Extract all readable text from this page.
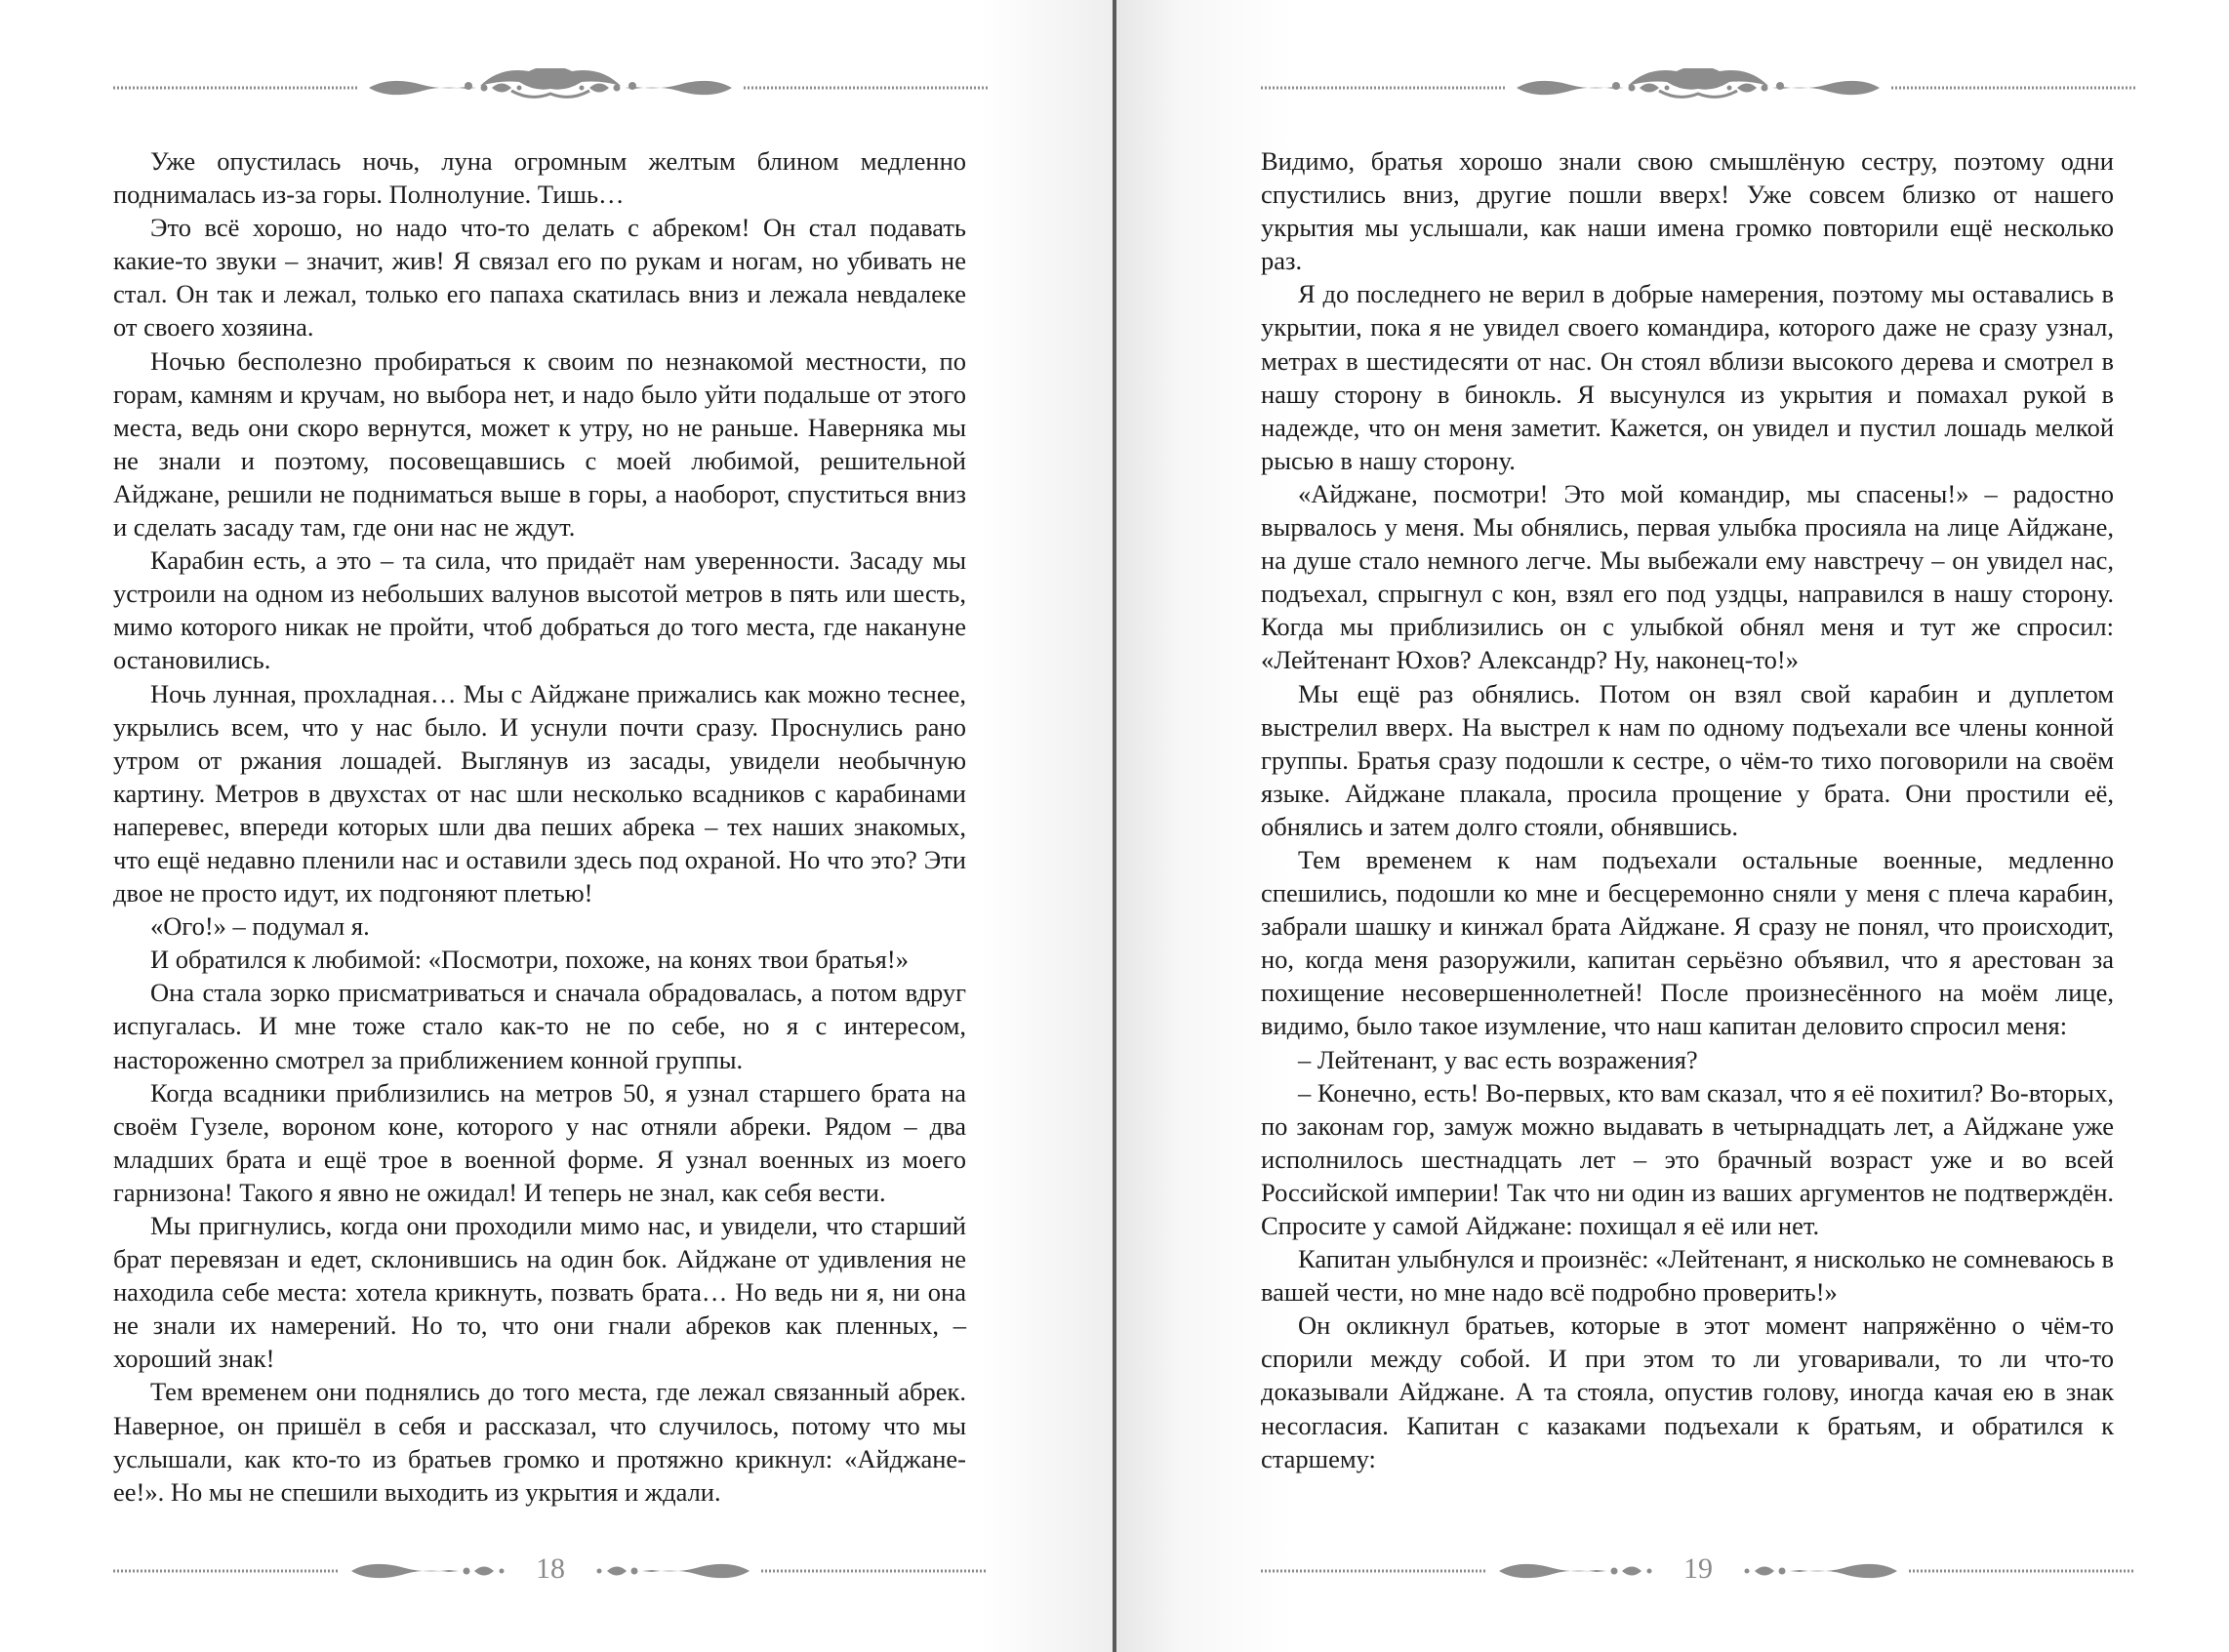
Уже опустилась ночь, луна огромным желтым блином медленно поднималась из-за горы. Полнолуние. Тишь…

Это всё хорошо, но надо что-то делать с абреком! Он стал подавать какие-то звуки – значит, жив! Я связал его по рукам и ногам, но убивать не стал. Он так и лежал, только его папаха скатилась вниз и лежала невдалеке от своего хозяина.

Ночью бесполезно пробираться к своим по незнакомой местности, по горам, камням и кручам, но выбора нет, и надо было уйти подальше от этого места, ведь они скоро вернутся, может к утру, но не раньше. Наверняка мы не знали и поэтому, посовещавшись с моей любимой, решительной Айджане, решили не подниматься выше в горы, а наоборот, спуститься вниз и сделать засаду там, где они нас не ждут.

Карабин есть, а это – та сила, что придаёт нам уверенности. Засаду мы устроили на одном из небольших валунов высотой метров в пять или шесть, мимо которого никак не пройти, чтоб добраться до того места, где накануне остановились.

Ночь лунная, прохладная… Мы с Айджане прижались как можно теснее, укрылись всем, что у нас было. И уснули почти сразу. Проснулись рано утром от ржания лошадей. Выглянув из засады, увидели необычную картину. Метров в двухстах от нас шли несколько всадников с карабинами наперевес, впереди которых шли два пеших абрека – тех наших знакомых, что ещё недавно пленили нас и оставили здесь под охраной. Но что это? Эти двое не просто идут, их подгоняют плетью!

«Ого!» – подумал я.

И обратился к любимой: «Посмотри, похоже, на конях твои братья!»

Она стала зорко присматриваться и сначала обрадовалась, а потом вдруг испугалась. И мне тоже стало как-то не по себе, но я с интересом, настороженно смотрел за приближением конной группы.

Когда всадники приблизились на метров 50, я узнал старшего брата на своём Гузеле, вороном коне, которого у нас отняли абреки. Рядом – два младших брата и ещё трое в военной форме. Я узнал военных из моего гарнизона! Такого я явно не ожидал! И теперь не знал, как себя вести.

Мы пригнулись, когда они проходили мимо нас, и увидели, что старший брат перевязан и едет, склонившись на один бок. Айджане от удивления не находила себе места: хотела крикнуть, позвать брата… Но ведь ни я, ни она не знали их намерений. Но то, что они гнали абреков как пленных, – хороший знак!

Тем временем они поднялись до того места, где лежал связанный абрек. Наверное, он пришёл в себя и рассказал, что случилось, потому что мы услышали, как кто-то из братьев громко и протяжно крикнул: «Айджане-ее!». Но мы не спешили выходить из укрытия и ждали.

18

Видимо, братья хорошо знали свою смышлёную сестру, поэтому одни спустились вниз, другие пошли вверх! Уже совсем близко от нашего укрытия мы услышали, как наши имена громко повторили ещё несколько раз.

Я до последнего не верил в добрые намерения, поэтому мы оставались в укрытии, пока я не увидел своего командира, которого даже не сразу узнал, метрах в шестидесяти от нас. Он стоял вблизи высокого дерева и смотрел в нашу сторону в бинокль. Я высунулся из укрытия и помахал рукой в надежде, что он меня заметит. Кажется, он увидел и пустил лошадь мелкой рысью в нашу сторону.

«Айджане, посмотри! Это мой командир, мы спасены!» – радостно вырвалось у меня. Мы обнялись, первая улыбка просияла на лице Айджане, на душе стало немного легче. Мы выбежали ему навстречу – он увидел нас, подъехал, спрыгнул с кон, взял его под уздцы, направился в нашу сторону. Когда мы приблизились он с улыбкой обнял меня и тут же спросил: «Лейтенант Юхов? Александр? Ну, наконец-то!»

Мы ещё раз обнялись. Потом он взял свой карабин и дуплетом выстрелил вверх. На выстрел к нам по одному подъехали все члены конной группы. Братья сразу подошли к сестре, о чём-то тихо поговорили на своём языке. Айджане плакала, просила прощение у брата. Они простили её, обнялись и затем долго стояли, обнявшись.

Тем временем к нам подъехали остальные военные, медленно спешились, подошли ко мне и бесцеремонно сняли у меня с плеча карабин, забрали шашку и кинжал брата Айджане. Я сразу не понял, что происходит, но, когда меня разоружили, капитан серьёзно объявил, что я арестован за похищение несовершеннолетней! После произнесённого на моём лице, видимо, было такое изумление, что наш капитан деловито спросил меня:

– Лейтенант, у вас есть возражения?

– Конечно, есть! Во-первых, кто вам сказал, что я её похитил? Во-вторых, по законам гор, замуж можно выдавать в четырнадцать лет, а Айджане уже исполнилось шестнадцать лет – это брачный возраст уже и во всей Российской империи! Так что ни один из ваших аргументов не подтверждён. Спросите у самой Айджане: похищал я её или нет.

Капитан улыбнулся и произнёс: «Лейтенант, я нисколько не сомневаюсь в вашей чести, но мне надо всё подробно проверить!»

Он окликнул братьев, которые в этот момент напряжённо о чём-то спорили между собой. И при этом то ли уговаривали, то ли что-то доказывали Айджане. А та стояла, опустив голову, иногда качая ею в знак несогласия. Капитан с казаками подъехали к братьям, и обратился к старшему:

19
